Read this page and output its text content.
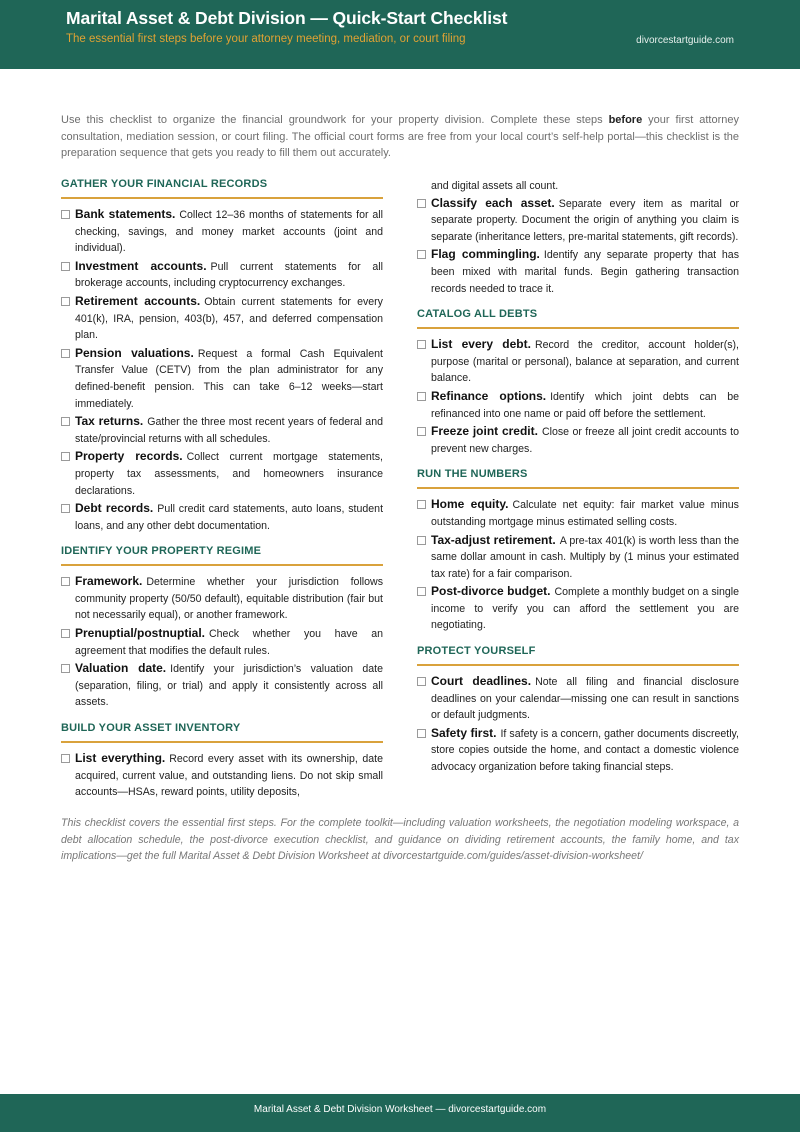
Marital Asset & Debt Division — Quick-Start Checklist
The essential first steps before your attorney meeting, mediation, or court filing	divorcestartguide.com
Use this checklist to organize the financial groundwork for your property division. Complete these steps before your first attorney consultation, mediation session, or court filing. The official court forms are free from your local court’s self-help portal—this checklist is the preparation sequence that gets you ready to fill them out accurately.
GATHER YOUR FINANCIAL RECORDS
Bank statements. Collect 12–36 months of statements for all checking, savings, and money market accounts (joint and individual).
Investment accounts. Pull current statements for all brokerage accounts, including cryptocurrency exchanges.
Retirement accounts. Obtain current statements for every 401(k), IRA, pension, 403(b), 457, and deferred compensation plan.
Pension valuations. Request a formal Cash Equivalent Transfer Value (CETV) from the plan administrator for any defined-benefit pension. This can take 6–12 weeks—start immediately.
Tax returns. Gather the three most recent years of federal and state/provincial returns with all schedules.
Property records. Collect current mortgage statements, property tax assessments, and homeowners insurance declarations.
Debt records. Pull credit card statements, auto loans, student loans, and any other debt documentation.
IDENTIFY YOUR PROPERTY REGIME
Framework. Determine whether your jurisdiction follows community property (50/50 default), equitable distribution (fair but not necessarily equal), or another framework.
Prenuptial/postnuptial. Check whether you have an agreement that modifies the default rules.
Valuation date. Identify your jurisdiction’s valuation date (separation, filing, or trial) and apply it consistently across all assets.
BUILD YOUR ASSET INVENTORY
List everything. Record every asset with its ownership, date acquired, current value, and outstanding liens. Do not skip small accounts—HSAs, reward points, utility deposits,
and digital assets all count.
Classify each asset. Separate every item as marital or separate property. Document the origin of anything you claim is separate (inheritance letters, pre-marital statements, gift records).
Flag commingling. Identify any separate property that has been mixed with marital funds. Begin gathering transaction records needed to trace it.
CATALOG ALL DEBTS
List every debt. Record the creditor, account holder(s), purpose (marital or personal), balance at separation, and current balance.
Refinance options. Identify which joint debts can be refinanced into one name or paid off before the settlement.
Freeze joint credit. Close or freeze all joint credit accounts to prevent new charges.
RUN THE NUMBERS
Home equity. Calculate net equity: fair market value minus outstanding mortgage minus estimated selling costs.
Tax-adjust retirement. A pre-tax 401(k) is worth less than the same dollar amount in cash. Multiply by (1 minus your estimated tax rate) for a fair comparison.
Post-divorce budget. Complete a monthly budget on a single income to verify you can afford the settlement you are negotiating.
PROTECT YOURSELF
Court deadlines. Note all filing and financial disclosure deadlines on your calendar—missing one can result in sanctions or default judgments.
Safety first. If safety is a concern, gather documents discreetly, store copies outside the home, and contact a domestic violence advocacy organization before taking financial steps.
This checklist covers the essential first steps. For the complete toolkit—including valuation worksheets, the negotiation modeling workspace, a debt allocation schedule, the post-divorce execution checklist, and guidance on dividing retirement accounts, the family home, and tax implications—get the full Marital Asset & Debt Division Worksheet at divorcestartguide.com/guides/asset-division-worksheet/
Marital Asset & Debt Division Worksheet — divorcestartguide.com
